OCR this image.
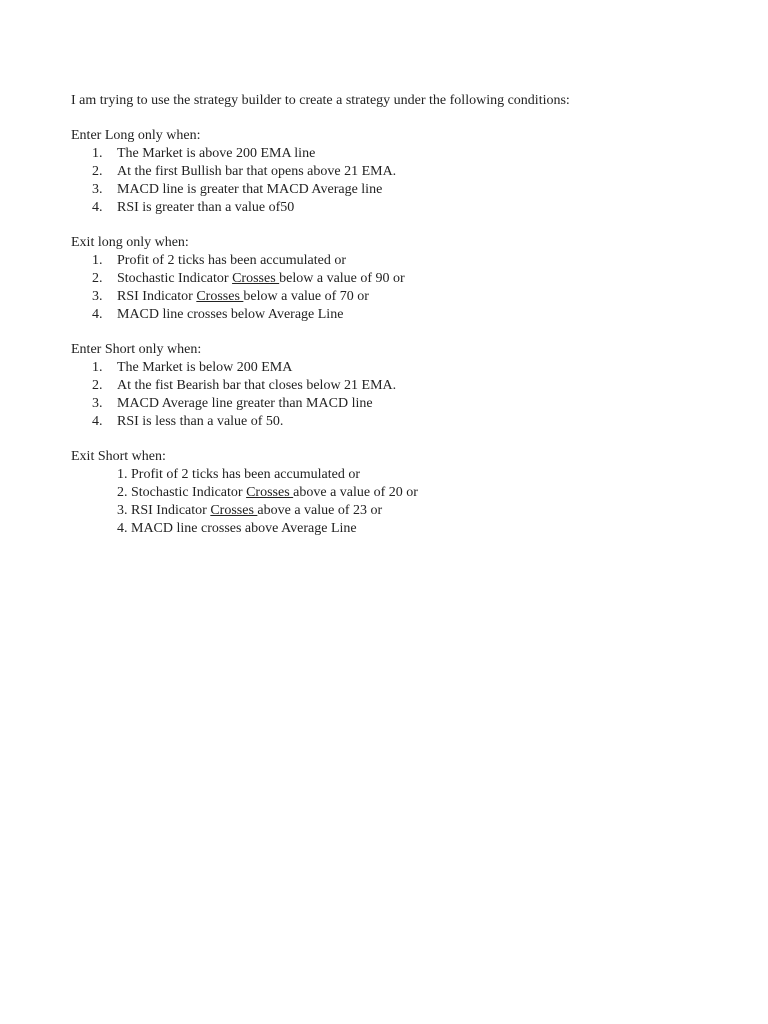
I am trying to use the strategy builder to create a strategy under the following conditions:
Enter Long only when:
1. The Market is above 200 EMA line
2. At the first Bullish bar that opens above 21 EMA.
3. MACD line is greater that MACD Average line
4. RSI is greater than a value of50
Exit long only when:
1. Profit of 2 ticks has been accumulated or
2. Stochastic Indicator Crosses below a value of 90 or
3. RSI Indicator Crosses below a value of 70 or
4. MACD line crosses below Average Line
Enter Short only when:
1. The Market is below 200 EMA
2. At the fist Bearish bar that closes below 21 EMA.
3. MACD Average line greater than MACD line
4. RSI is less than a value of 50.
Exit Short when:
1. Profit of 2 ticks has been accumulated or
2. Stochastic Indicator Crosses above a value of 20 or
3. RSI Indicator Crosses above a value of 23 or
4. MACD line crosses above Average Line
